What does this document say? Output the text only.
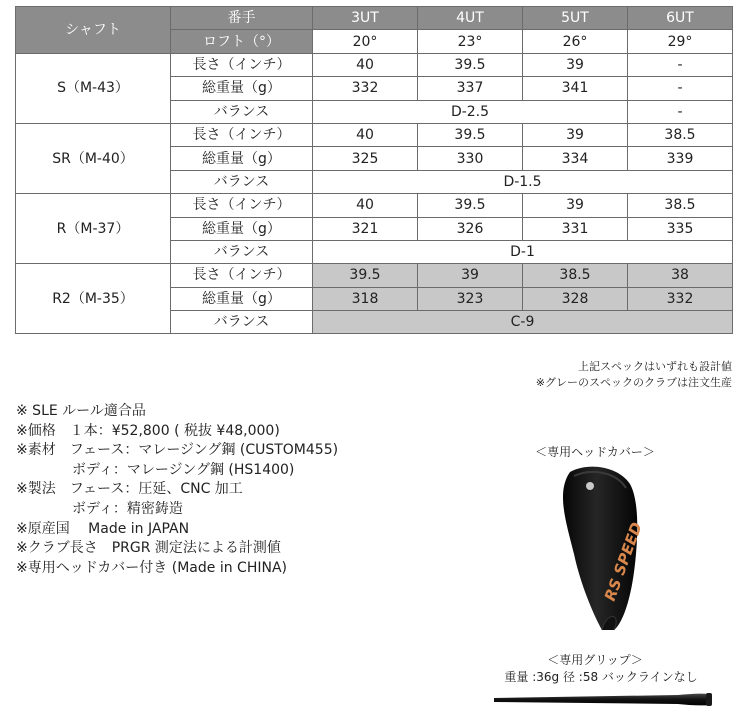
シャフト	番手	3UT	4UT	5UT	6UT
	ロフト（°）	20°	23°	26°	29°
S（M-43）	長さ（インチ）	40	39.5	39	-
	総重量（g）	332	337	341	-
	バランス	D-2.5			-
SR（M-40）	長さ（インチ）	40	39.5	39	38.5
	総重量（g）	325	330	334	339
	バランス	D-1.5			
R（M-37）	長さ（インチ）	40	39.5	39	38.5
	総重量（g）	321	326	331	335
	バランス	D-1			
R2（M-35）	長さ（インチ）	39.5	39	38.5	38
	総重量（g）	318	323	328	332
	バランス	C-9			
上記スペックはいずれも設計値
※グレーのスペックのクラブは注文生産
※ SLE ルール適合品
※価格　１本：¥52,800 ( 税抜 ¥48,000)
※素材　フェース：マレージング鋼 (CUSTOM455)
　　　　ボディ：マレージング鋼 (HS1400)
※製法　フェース：圧延、CNC 加工
　　　　ボディ：精密鋳造
※原産国　 Made in JAPAN
※クラブ長さ　PRGR 測定法による計測値
※専用ヘッドカバー付き (Made in CHINA)
＜専用ヘッドカバー＞
RS SPEED
＜専用グリップ＞
重量 :36g 径 :58 バックラインなし
